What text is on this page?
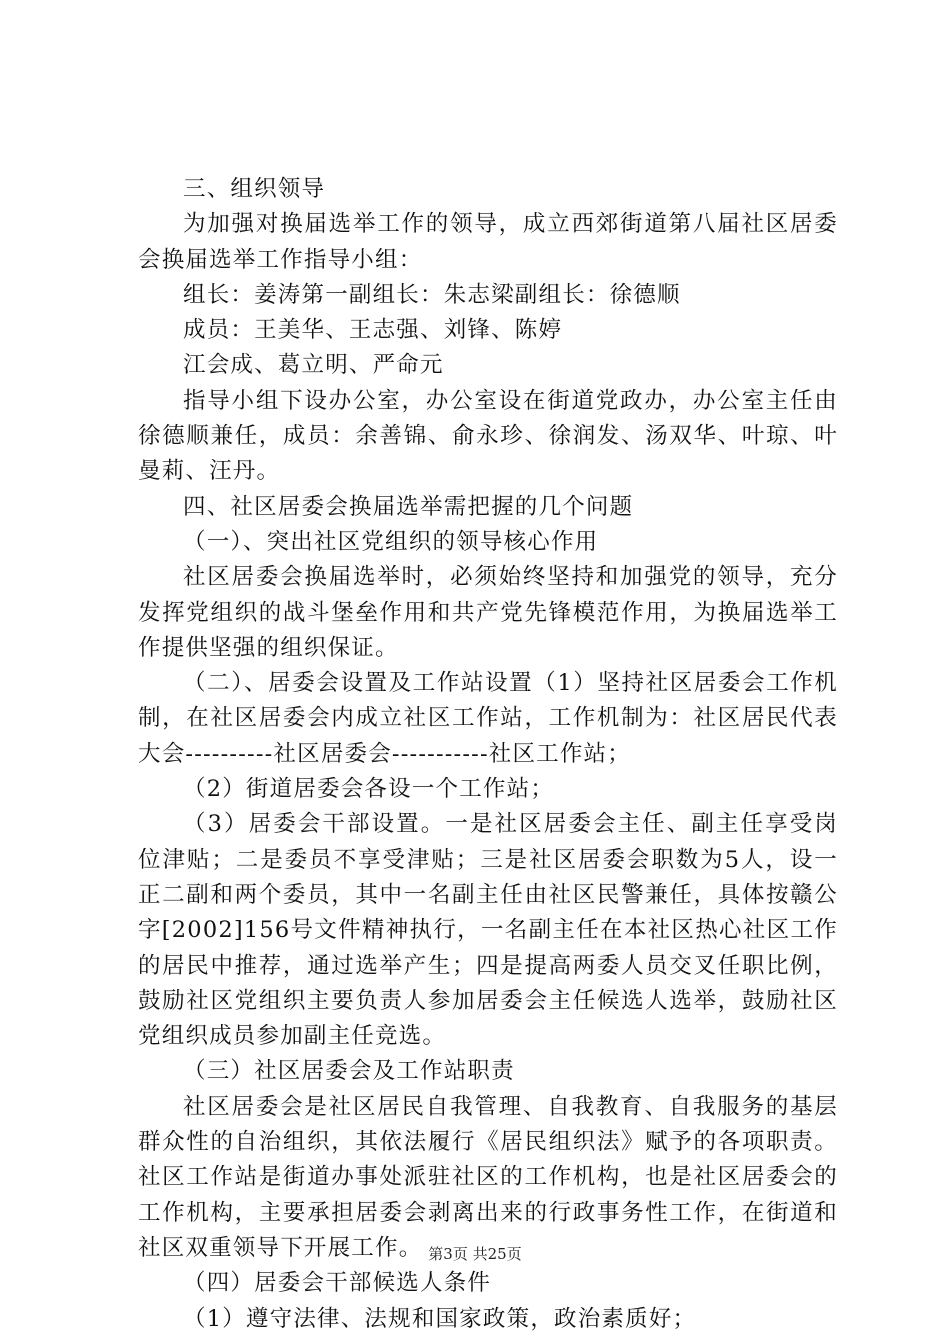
三、组织领导

为加强对换届选举工作的领导，成立西郊街道第八届社区居委会换届选举工作指导小组：

组长：姜涛第一副组长：朱志梁副组长：徐德顺

成员：王美华、王志强、刘锋、陈婷

江会成、葛立明、严命元

指导小组下设办公室，办公室设在街道党政办，办公室主任由徐德顺兼任，成员：余善锦、俞永珍、徐润发、汤双华、叶琼、叶曼莉、汪丹。

四、社区居委会换届选举需把握的几个问题

（一）、突出社区党组织的领导核心作用

社区居委会换届选举时，必须始终坚持和加强党的领导，充分发挥党组织的战斗堡垒作用和共产党先锋模范作用，为换届选举工作提供坚强的组织保证。

（二）、居委会设置及工作站设置（1）坚持社区居委会工作机制，在社区居委会内成立社区工作站，工作机制为：社区居民代表大会----------社区居委会-----------社区工作站；

（2）街道居委会各设一个工作站；

（3）居委会干部设置。一是社区居委会主任、副主任享受岗位津贴；二是委员不享受津贴；三是社区居委会职数为5人，设一正二副和两个委员，其中一名副主任由社区民警兼任，具体按赣公字[2002]156号文件精神执行，一名副主任在本社区热心社区工作的居民中推荐，通过选举产生；四是提高两委人员交叉任职比例，鼓励社区党组织主要负责人参加居委会主任候选人选举，鼓励社区党组织成员参加副主任竞选。

（三）社区居委会及工作站职责

社区居委会是社区居民自我管理、自我教育、自我服务的基层群众性的自治组织，其依法履行《居民组织法》赋予的各项职责。社区工作站是街道办事处派驻社区的工作机构，也是社区居委会的工作机构，主要承担居委会剥离出来的行政事务性工作，在街道和社区双重领导下开展工作。

（四）居委会干部候选人条件

（1）遵守法律、法规和国家政策，政治素质好；

第3页 共25页
